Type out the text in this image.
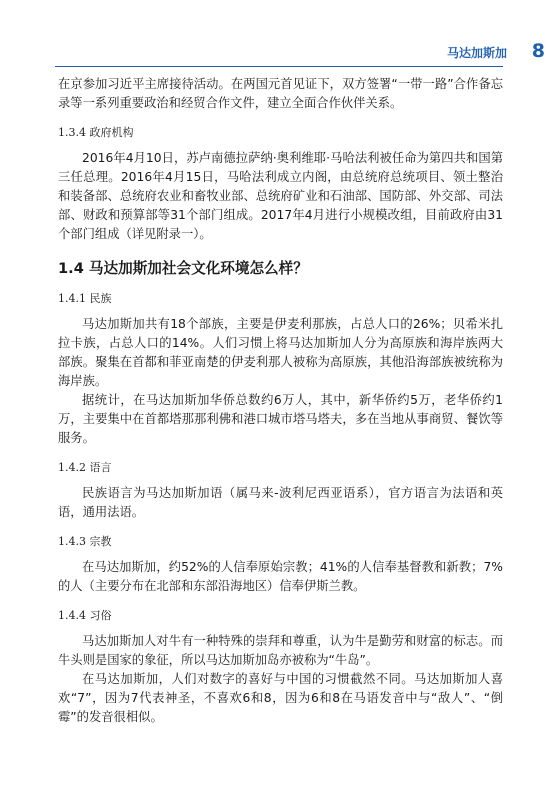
马达加斯加 8

在京参加习近平主席接待活动。在两国元首见证下，双方签署“一带一路”合作备忘录等一系列重要政治和经贸合作文件，建立全面合作伙伴关系。

1.3.4 政府机构

2016年4月10日，苏卢南德拉萨纳·奥利维耶·马哈法利被任命为第四共和国第三任总理。2016年4月15日，马哈法利成立内阁，由总统府总统项目、领土整治和装备部、总统府农业和畜牧业部、总统府矿业和石油部、国防部、外交部、司法部、财政和预算部等31个部门组成。2017年4月进行小规模改组，目前政府由31个部门组成（详见附录一）。

1.4 马达加斯加社会文化环境怎么样？
1.4.1 民族

马达加斯加共有18个部族，主要是伊麦利那族，占总人口的26%；贝希米扎拉卡族，占总人口的14%。人们习惯上将马达加斯加人分为高原族和海岸族两大部族。聚集在首都和菲亚南楚的伊麦利那人被称为高原族，其他沿海部族被统称为海岸族。

据统计，在马达加斯加华侨总数约6万人，其中，新华侨约5万，老华侨约1万，主要集中在首都塔那那利佛和港口城市塔马塔夫，多在当地从事商贸、餐饮等服务。

1.4.2 语言

民族语言为马达加斯加语（属马来-波利尼西亚语系），官方语言为法语和英语，通用法语。

1.4.3 宗教

在马达加斯加，约52%的人信奉原始宗教；41%的人信奉基督教和新教；7%的人（主要分布在北部和东部沿海地区）信奉伊斯兰教。

1.4.4 习俗

马达加斯加人对牛有一种特殊的崇拜和尊重，认为牛是勤劳和财富的标志。而牛头则是国家的象征，所以马达加斯加岛亦被称为“牛岛”。

在马达加斯加，人们对数字的喜好与中国的习惯截然不同。马达加斯加人喜欢“7”，因为7代表神圣，不喜欢6和8，因为6和8在马语发音中与“敌人”、“倒霉”的发音很相似。
